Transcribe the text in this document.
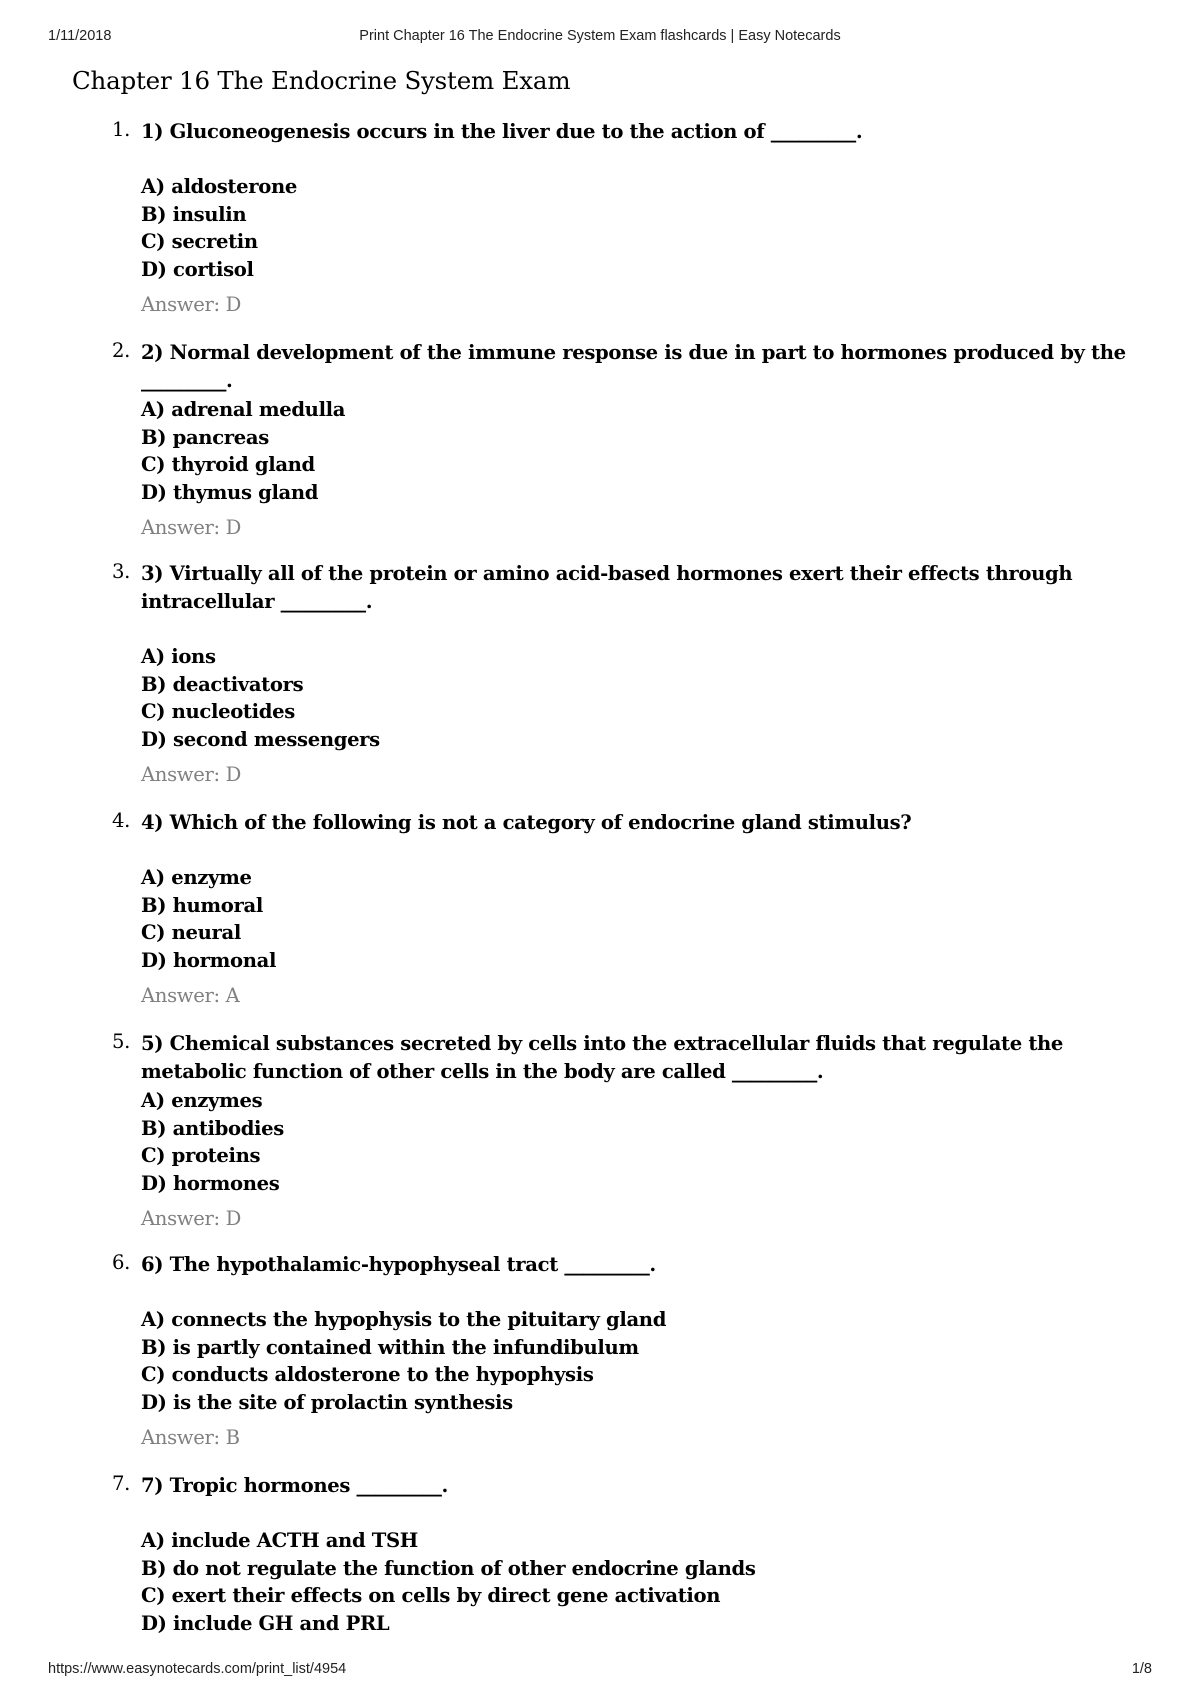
1/11/2018	Print Chapter 16 The Endocrine System Exam flashcards | Easy Notecards
Chapter 16 The Endocrine System Exam
1. 1) Gluconeogenesis occurs in the liver due to the action of _________.
A) aldosterone
B) insulin
C) secretin
D) cortisol
Answer: D
2. 2) Normal development of the immune response is due in part to hormones produced by the _________.
A) adrenal medulla
B) pancreas
C) thyroid gland
D) thymus gland
Answer: D
3. 3) Virtually all of the protein or amino acid-based hormones exert their effects through intracellular _________.
A) ions
B) deactivators
C) nucleotides
D) second messengers
Answer: D
4. 4) Which of the following is not a category of endocrine gland stimulus?
A) enzyme
B) humoral
C) neural
D) hormonal
Answer: A
5. 5) Chemical substances secreted by cells into the extracellular fluids that regulate the metabolic function of other cells in the body are called _________.
A) enzymes
B) antibodies
C) proteins
D) hormones
Answer: D
6. 6) The hypothalamic-hypophyseal tract _________.
A) connects the hypophysis to the pituitary gland
B) is partly contained within the infundibulum
C) conducts aldosterone to the hypophysis
D) is the site of prolactin synthesis
Answer: B
7. 7) Tropic hormones _________.
A) include ACTH and TSH
B) do not regulate the function of other endocrine glands
C) exert their effects on cells by direct gene activation
D) include GH and PRL
https://www.easynotecards.com/print_list/4954	1/8
